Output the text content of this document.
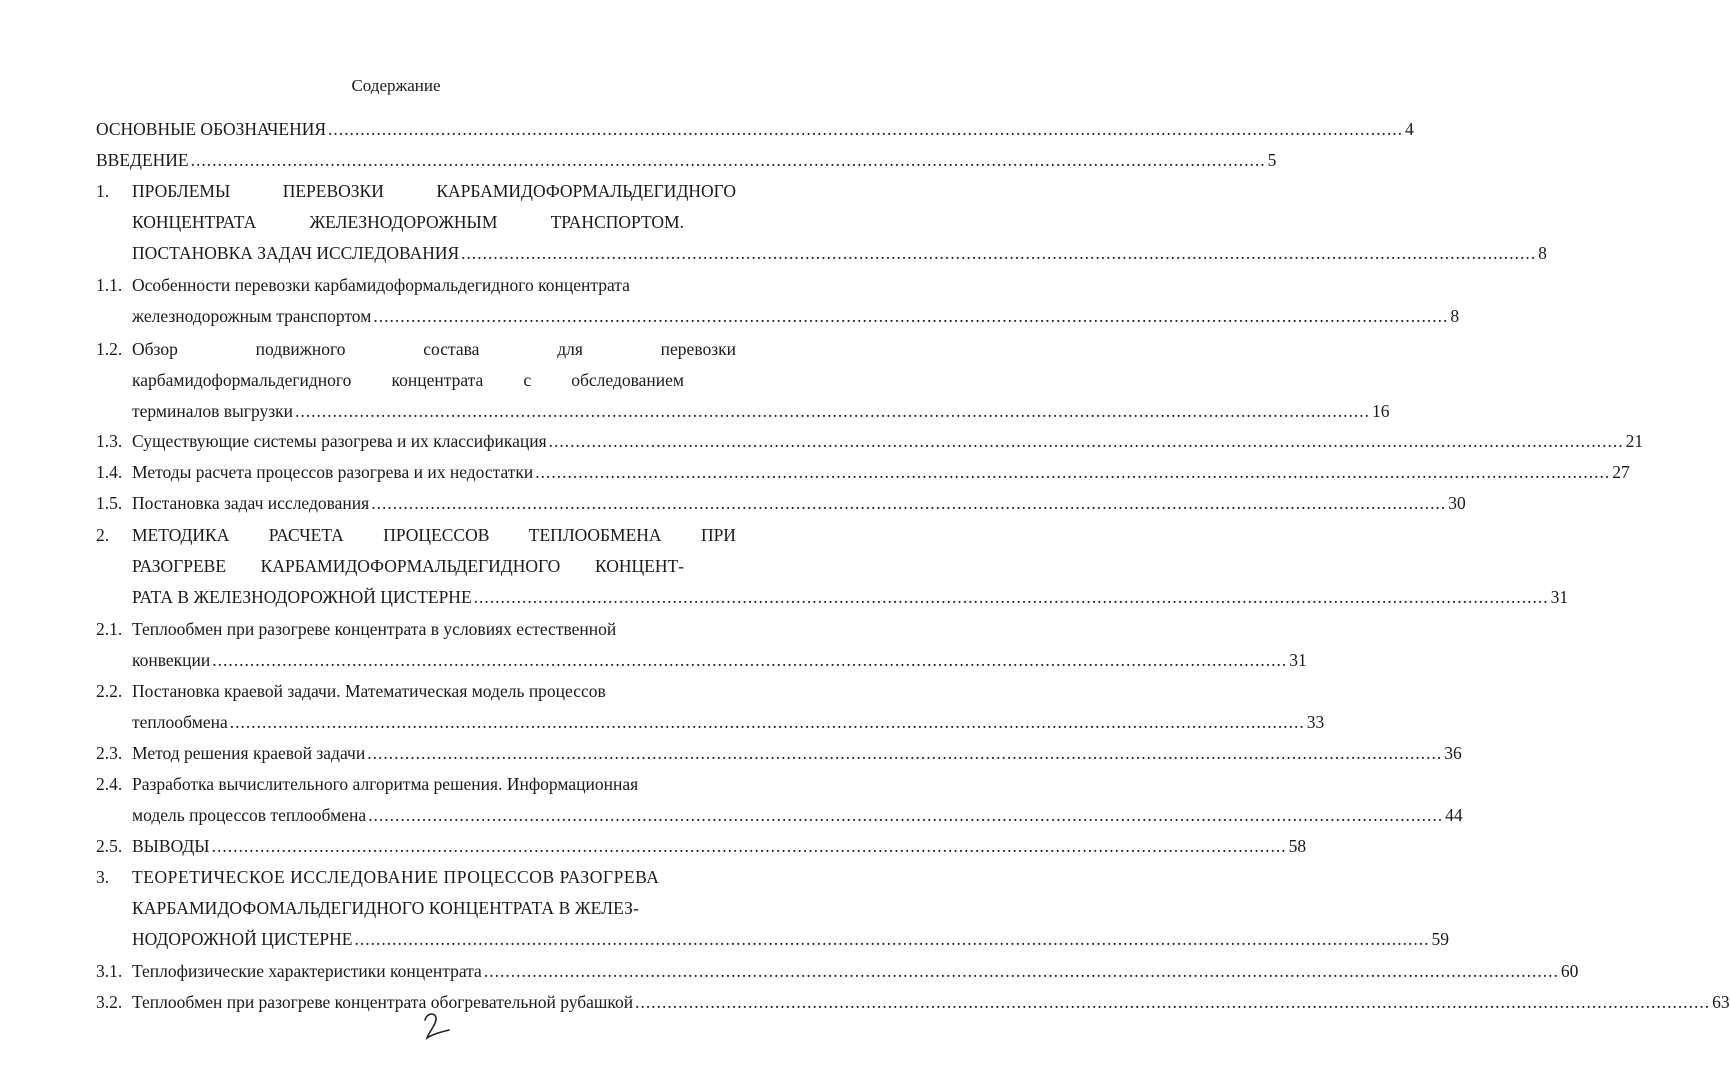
Содержание
ОСНОВНЫЕ ОБОЗНАЧЕНИЯ ........................................................................................................................................................................................................ 4
ВВЕДЕНИЕ ........................................................................................................................................................................................................ 5
1. ПРОБЛЕМЫ	ПЕРЕВОЗКИ	КАРБАМИДОФОРМАЛЬДЕГИДНОГО
КОНЦЕНТРАТА	ЖЕЛЕЗНОДОРОЖНЫМ	ТРАНСПОРТОМ.
ПОСТАНОВКА ЗАДАЧ ИССЛЕДОВАНИЯ ........................................................................................................................................................................................................ 8
1.1. Особенности перевозки карбамидоформальдегидного концентрата
железнодорожным транспортом ........................................................................................................................................................................................................ 8
1.2. Обзор	подвижного	состава	для	перевозки
карбамидоформальдегидного концентрата с обследованием
терминалов выгрузки ........................................................................................................................................................................................................ 16
1.3. Существующие системы разогрева и их классификация ........................................................................................................................................................................................................ 21
1.4. Методы расчета процессов разогрева и их недостатки ........................................................................................................................................................................................................ 27
1.5. Постановка задач исследования ........................................................................................................................................................................................................ 30
2. МЕТОДИКА РАСЧЕТА ПРОЦЕССОВ ТЕПЛООБМЕНА ПРИ
РАЗОГРЕВЕ КАРБАМИДОФОРМАЛЬДЕГИДНОГО КОНЦЕНТ-
РАТА В ЖЕЛЕЗНОДОРОЖНОЙ ЦИСТЕРНЕ ........................................................................................................................................................................................................ 31
2.1. Теплообмен при разогреве концентрата в условиях естественной
конвекции ........................................................................................................................................................................................................ 31
2.2. Постановка краевой задачи. Математическая модель процессов
теплообмена ........................................................................................................................................................................................................ 33
2.3. Метод решения краевой задачи ........................................................................................................................................................................................................ 36
2.4. Разработка вычислительного алгоритма решения. Информационная
модель процессов теплообмена ........................................................................................................................................................................................................ 44
2.5. ВЫВОДЫ ........................................................................................................................................................................................................ 58
3. ТЕОРЕТИЧЕСКОЕ ИССЛЕДОВАНИЕ ПРОЦЕССОВ РАЗОГРЕВА
КАРБАМИДОФОМАЛЬДЕГИДНОГО КОНЦЕНТРАТА В ЖЕЛЕЗ-
НОДОРОЖНОЙ ЦИСТЕРНЕ ........................................................................................................................................................................................................ 59
3.1. Теплофизические характеристики концентрата ........................................................................................................................................................................................................ 60
3.2. Теплообмен при разогреве концентрата обогревательной рубашкой ........................................................................................................................................................................................................ 63
